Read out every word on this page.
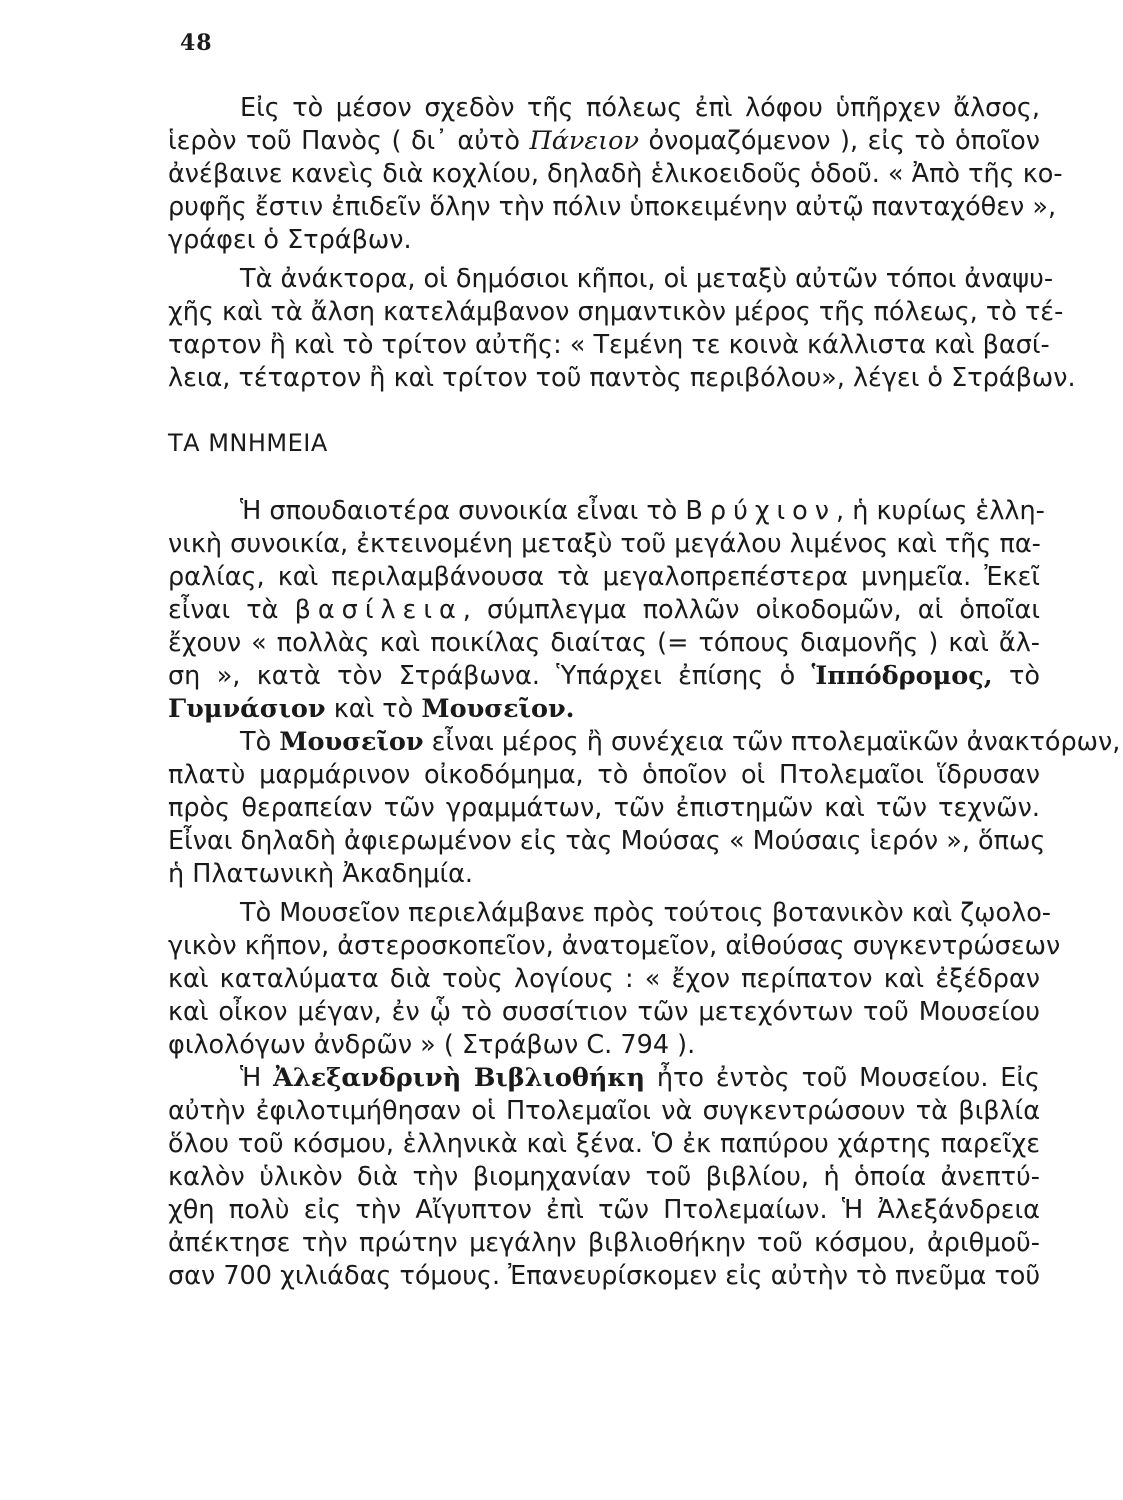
48
Εἰς τὸ μέσον σχεδὸν τῆς πόλεως ἐπὶ λόφου ὑπῆρχεν ἄλσος,
ἱερὸν τοῦ Πανὸς ( δι᾽ αὐτὸ Πάνειον ὀνομαζόμενον ), εἰς τὸ ὁποῖον
ἀνέβαινε κανεὶς διὰ κοχλίου, δηλαδὴ ἑλικοειδοῦς ὁδοῦ. « Ἀπὸ τῆς κο-
ρυφῆς ἔστιν ἐπιδεῖν ὅλην τὴν πόλιν ὑποκειμένην αὐτῷ πανταχόθεν »,
γράφει ὁ Στράβων.
Τὰ ἀνάκτορα, οἱ δημόσιοι κῆποι, οἱ μεταξὺ αὐτῶν τόποι ἀναψυ-
χῆς καὶ τὰ ἄλση κατελάμβανον σημαντικὸν μέρος τῆς πόλεως, τὸ τέ-
ταρτον ἢ καὶ τὸ τρίτον αὐτῆς: « Τεμένη τε κοινὰ κάλλιστα καὶ βασί-
λεια, τέταρτον ἢ καὶ τρίτον τοῦ παντὸς περιβόλου», λέγει ὁ Στράβων.
ΤΑ ΜΝΗΜΕΙΑ
Ἡ σπουδαιοτέρα συνοικία εἶναι τὸ Βρύχιον, ἡ κυρίως ἑλλη-
νικὴ συνοικία, ἐκτεινομένη μεταξὺ τοῦ μεγάλου λιμένος καὶ τῆς πα-
ραλίας, καὶ περιλαμβάνουσα τὰ μεγαλοπρεπέστερα μνημεῖα. Ἐκεῖ
εἶναι τὰ βασίλεια, σύμπλεγμα πολλῶν οἰκοδομῶν, αἱ ὁποῖαι
ἔχουν « πολλὰς καὶ ποικίλας διαίτας (= τόπους διαμονῆς ) καὶ ἄλ-
ση », κατὰ τὸν Στράβωνα. Ὑπάρχει ἐπίσης ὁ Ἱππόδρομος, τὸ
Γυμνάσιον καὶ τὸ Μουσεῖον.
Τὸ Μουσεῖον εἶναι μέρος ἢ συνέχεια τῶν πτολεμαϊκῶν ἀνακτόρων,
πλατὺ μαρμάρινον οἰκοδόμημα, τὸ ὁποῖον οἱ Πτολεμαῖοι ἵδρυσαν
πρὸς θεραπείαν τῶν γραμμάτων, τῶν ἐπιστημῶν καὶ τῶν τεχνῶν.
Εἶναι δηλαδὴ ἀφιερωμένον εἰς τὰς Μούσας « Μούσαις ἱερόν », ὅπως
ἡ Πλατωνικὴ Ἀκαδημία.
Τὸ Μουσεῖον περιελάμβανε πρὸς τούτοις βοτανικὸν καὶ ζῳολο-
γικὸν κῆπον, ἀστεροσκοπεῖον, ἀνατομεῖον, αἰθούσας συγκεντρώσεων
καὶ καταλύματα διὰ τοὺς λογίους : « ἔχον περίπατον καὶ ἐξέδραν
καὶ οἶκον μέγαν, ἐν ᾧ τὸ συσσίτιον τῶν μετεχόντων τοῦ Μουσείου
φιλολόγων ἀνδρῶν » ( Στράβων C. 794 ).
Ἡ Ἀλεξανδρινὴ Βιβλιοθήκη ἦτο ἐντὸς τοῦ Μουσείου. Εἰς
αὐτὴν ἐφιλοτιμήθησαν οἱ Πτολεμαῖοι νὰ συγκεντρώσουν τὰ βιβλία
ὅλου τοῦ κόσμου, ἑλληνικὰ καὶ ξένα. Ὁ ἐκ παπύρου χάρτης παρεῖχε
καλὸν ὑλικὸν διὰ τὴν βιομηχανίαν τοῦ βιβλίου, ἡ ὁποία ἀνεπτύ-
χθη πολὺ εἰς τὴν Αἴγυπτον ἐπὶ τῶν Πτολεμαίων. Ἡ Ἀλεξάνδρεια
ἀπέκτησε τὴν πρώτην μεγάλην βιβλιοθήκην τοῦ κόσμου, ἀριθμοῦ-
σαν 700 χιλιάδας τόμους. Ἐπανευρίσκομεν εἰς αὐτὴν τὸ πνεῦμα τοῦ
